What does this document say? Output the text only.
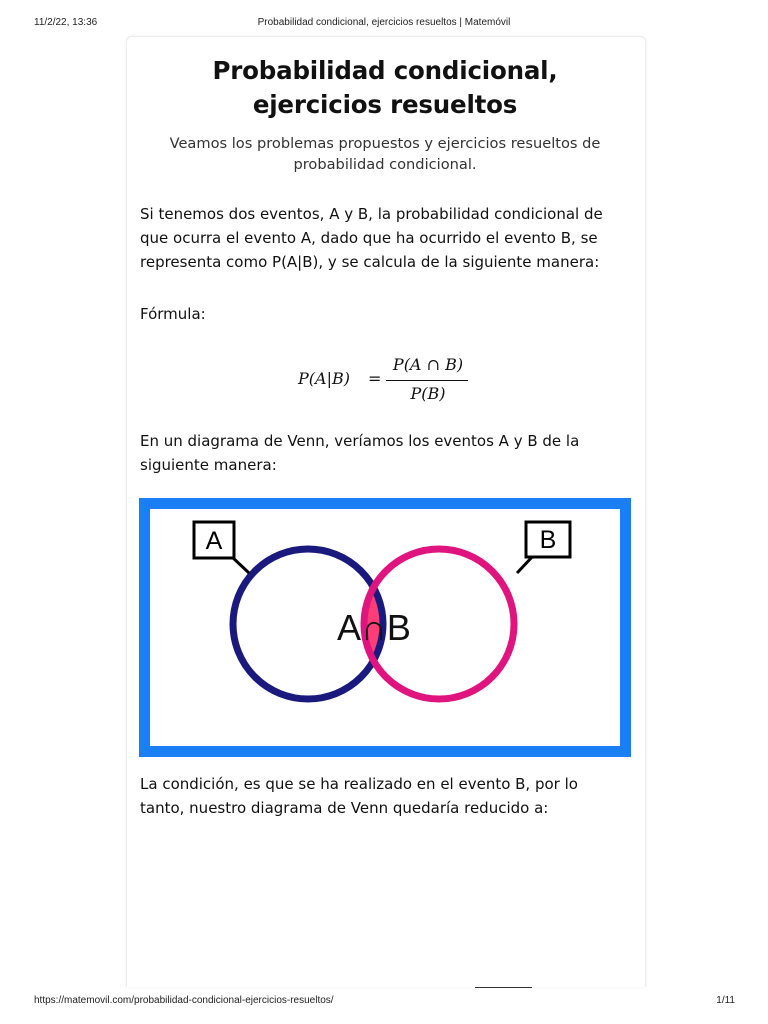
11/2/22, 13:36	Probabilidad condicional, ejercicios resueltos | Matemóvil
Probabilidad condicional,
ejercicios resueltos
Veamos los problemas propuestos y ejercicios resueltos de
probabilidad condicional.
Si tenemos dos eventos, A y B, la probabilidad condicional de
que ocurra el evento A, dado que ha ocurrido el evento B, se
representa como P(A|B), y se calcula de la siguiente manera:
Fórmula:
P(A|B) =
P(A ∩ B)
P(B)
En un diagrama de Venn, veríamos los eventos A y B de la
siguiente manera:
A	B
A∩B
La condición, es que se ha realizado en el evento B, por lo
tanto, nuestro diagrama de Venn quedaría reducido a:
https://matemovil.com/probabilidad-condicional-ejercicios-resueltos/	1/11
